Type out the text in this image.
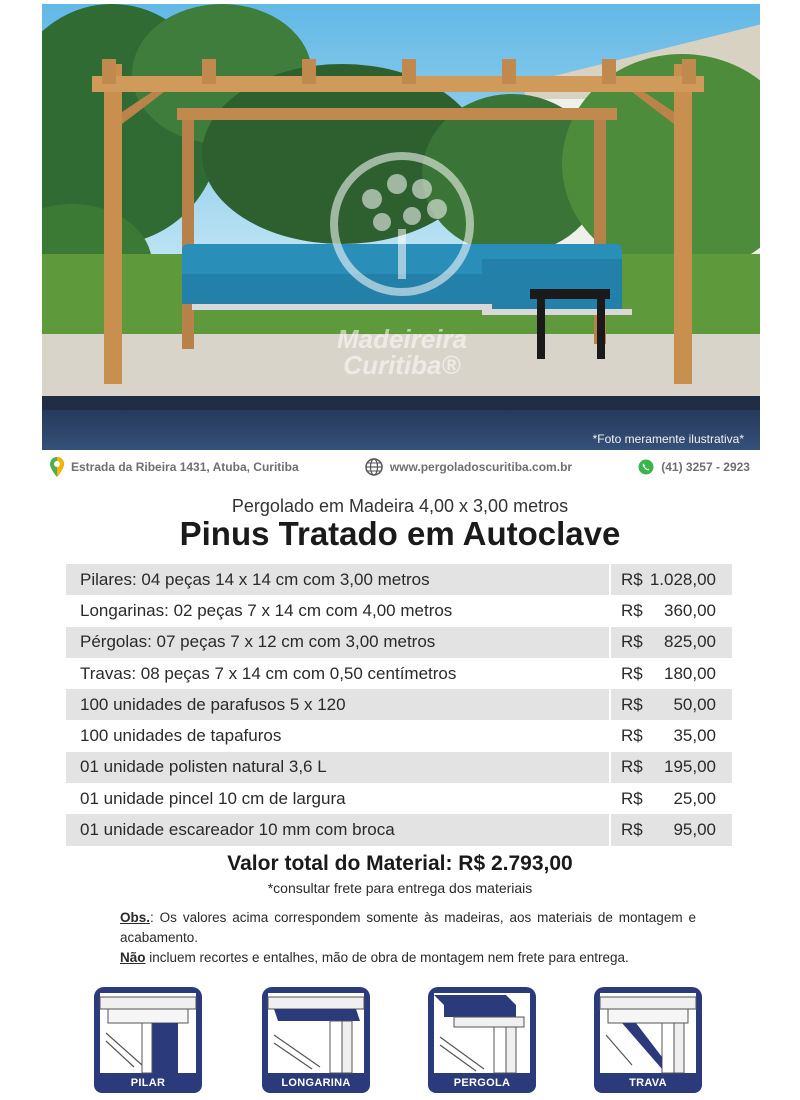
Madeireira
Curitiba®
*Foto meramente ilustrativa*
Estrada da Ribeira 1431, Atuba, Curitiba	www.pergoladoscuritiba.com.br	(41) 3257 - 2923
Pergolado em Madeira 4,00 x 3,00 metros
Pinus Tratado em Autoclave
Pilares: 04 peças 14 x 14 cm com 3,00 metros	R$ 1.028,00
Longarinas: 02 peças 7 x 14 cm com 4,00 metros	R$ 360,00
Pérgolas: 07 peças 7 x 12 cm com 3,00 metros	R$ 825,00
Travas: 08 peças 7 x 14 cm com 0,50 centímetros	R$ 180,00
100 unidades de parafusos 5 x 120	R$ 50,00
100 unidades de tapafuros	R$ 35,00
01 unidade polisten natural 3,6 L	R$ 195,00
01 unidade pincel 10 cm de largura	R$ 25,00
01 unidade escareador 10 mm com broca	R$ 95,00
Valor total do Material: R$ 2.793,00
*consultar frete para entrega dos materiais
Obs.: Os valores acima correspondem somente às madeiras, aos materiais de montagem e acabamento.
Não incluem recortes e entalhes, mão de obra de montagem nem frete para entrega.
PILAR	LONGARINA	PERGOLA	TRAVA
